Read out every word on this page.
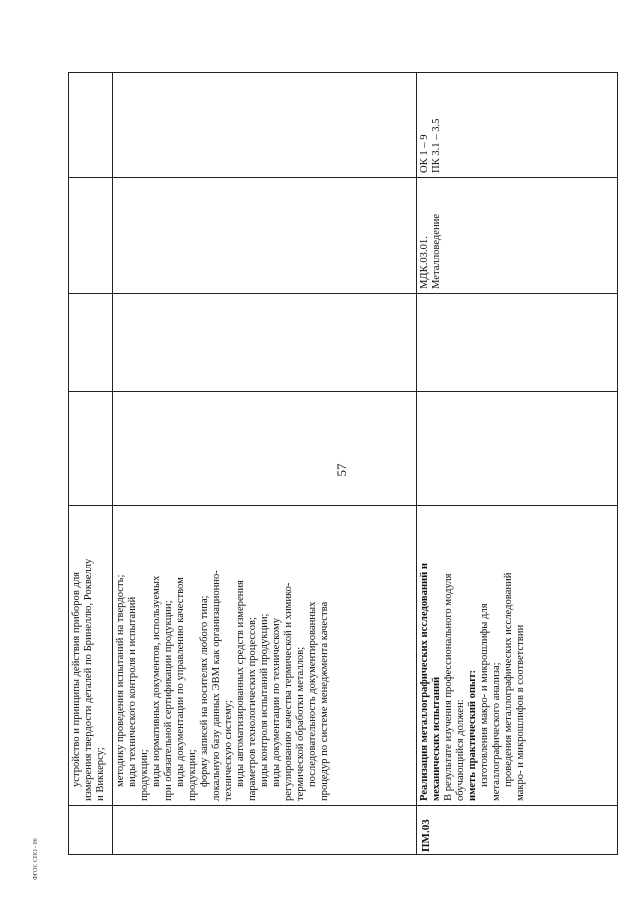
57

устройство и принципы действия приборов для измерения твердости деталей по Бринеллю, Роквеллу и Виккерсу; методику проведения испытаний на твердость; виды технического контроля и испытаний продукции; виды нормативных документов, используемых при обязательной сертификации продукции; виды документации по управлению качеством продукции; форму записей на носителях любого типа; локальную базу данных ЭВМ как организационно- техническую систему; виды автоматизированных средств измерения параметров технологических процессов; виды контроля испытаний продукции; виды документации по техническому регулированию качества термической и химико- термической обработки металлов; последовательность документированных процедур по системе менеджмента качества

ПМ.03

Реализация металлографических исследований и механических испытаний В результате изучения профессионального модуля обучающийся должен: иметь практический опыт: изготовления макро- и микрошлифы для металлографического анализа; проведения металлографических исследований макро- и микрошлифов в соответствии

МДК.03.01. Металловедение

ОК 1 – 9 ПК 3.1 – 3.5

ФГОС СПО - 06
